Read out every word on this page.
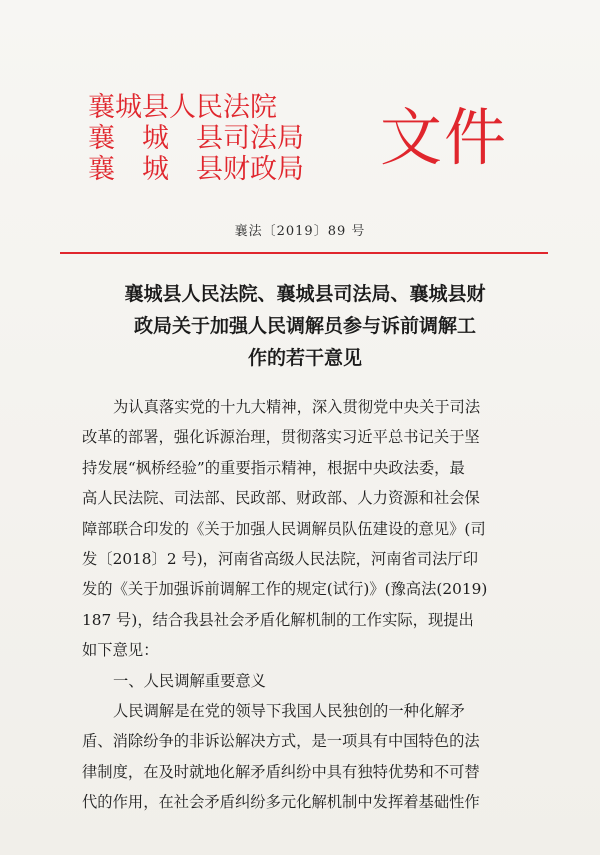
襄城县人民法院
襄　城　县司法局
襄　城　县财政局	文件
襄法〔2019〕89 号
襄城县人民法院、襄城县司法局、襄城县财
政局关于加强人民调解员参与诉前调解工
作的若干意见
为认真落实党的十九大精神，深入贯彻党中央关于司法
改革的部署，强化诉源治理，贯彻落实习近平总书记关于坚
持发展“枫桥经验”的重要指示精神，根据中央政法委，最
高人民法院、司法部、民政部、财政部、人力资源和社会保
障部联合印发的《关于加强人民调解员队伍建设的意见》(司
发〔2018〕2 号)，河南省高级人民法院，河南省司法厅印
发的《关于加强诉前调解工作的规定(试行)》(豫高法(2019)
187 号)，结合我县社会矛盾化解机制的工作实际，现提出
如下意见：
一、人民调解重要意义
人民调解是在党的领导下我国人民独创的一种化解矛
盾、消除纷争的非诉讼解决方式，是一项具有中国特色的法
律制度，在及时就地化解矛盾纠纷中具有独特优势和不可替
代的作用，在社会矛盾纠纷多元化解机制中发挥着基础性作
